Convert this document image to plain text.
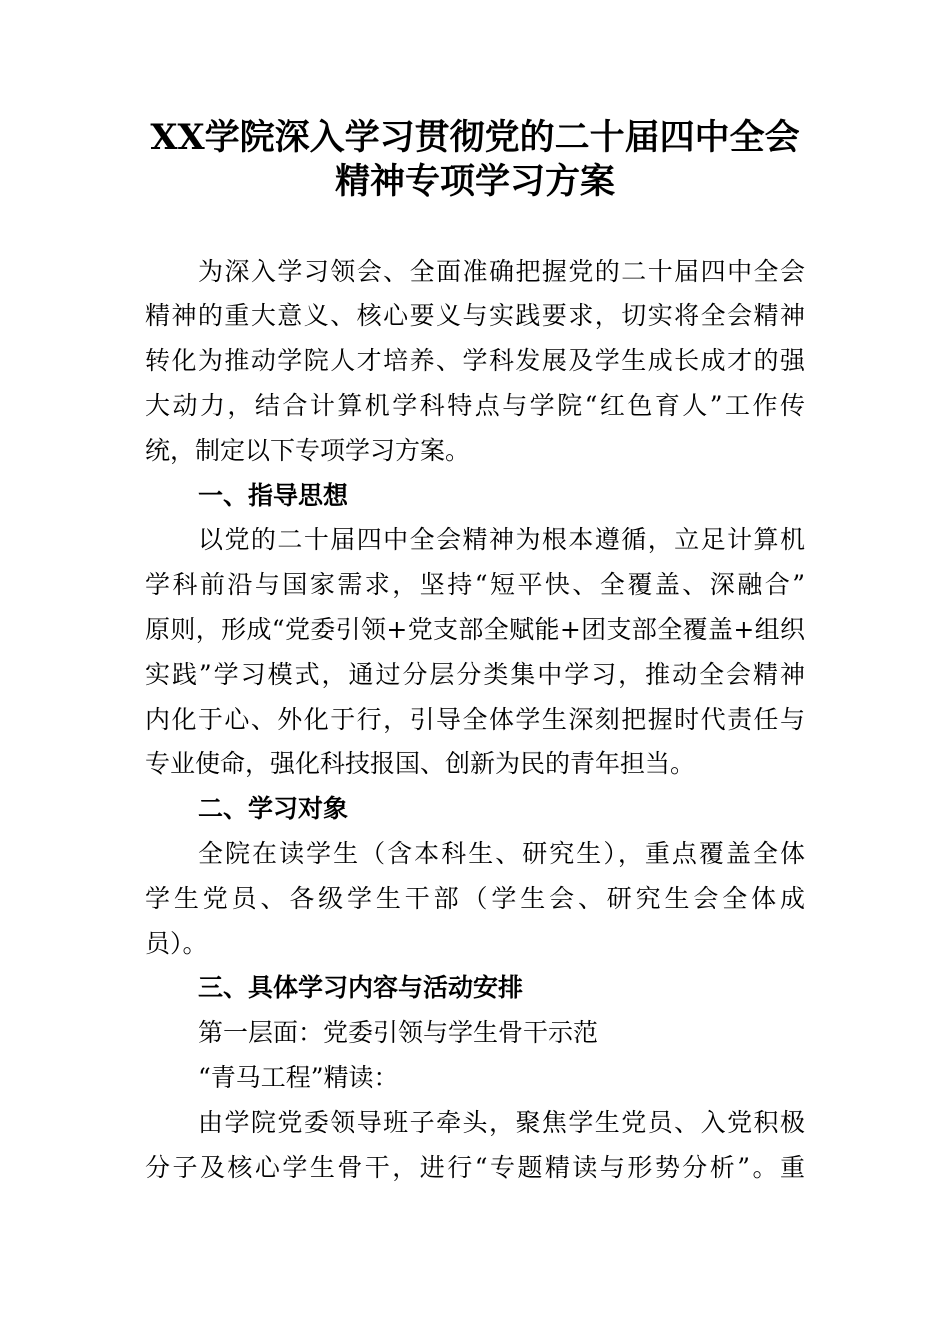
XX学院深入学习贯彻党的二十届四中全会
精神专项学习方案
为深入学习领会、全面准确把握党的二十届四中全会
精神的重大意义、核心要义与实践要求，切实将全会精神
转化为推动学院人才培养、学科发展及学生成长成才的强
大动力，结合计算机学科特点与学院“红色育人”工作传
统，制定以下专项学习方案。
一、指导思想
以党的二十届四中全会精神为根本遵循，立足计算机
学科前沿与国家需求，坚持“短平快、全覆盖、深融合”
原则，形成“党委引领+党支部全赋能+团支部全覆盖+组织
实践”学习模式，通过分层分类集中学习，推动全会精神
内化于心、外化于行，引导全体学生深刻把握时代责任与
专业使命，强化科技报国、创新为民的青年担当。
二、学习对象
全院在读学生（含本科生、研究生），重点覆盖全体
学生党员、各级学生干部（学生会、研究生会全体成
员）。
三、具体学习内容与活动安排
第一层面：党委引领与学生骨干示范
“青马工程”精读：
由学院党委领导班子牵头，聚焦学生党员、入党积极
分子及核心学生骨干，进行“专题精读与形势分析”。重
